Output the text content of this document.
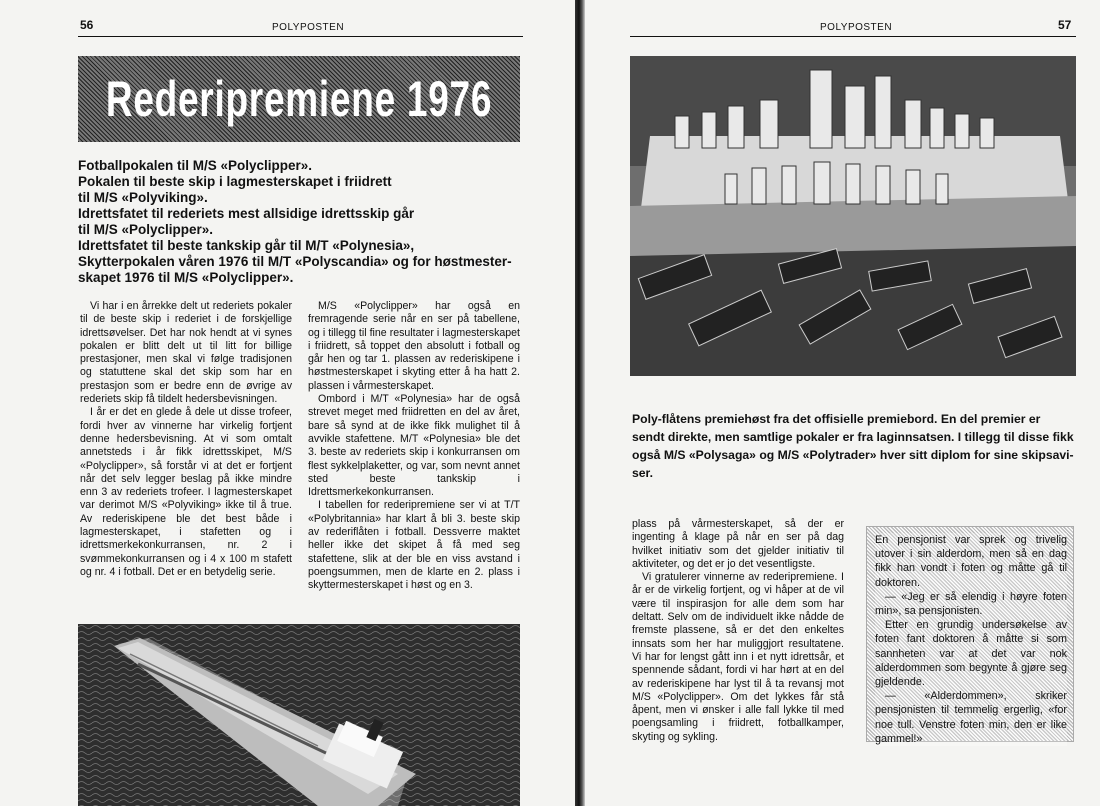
56	POLYPOSTEN
Rederipremiene 1976
Fotballpokalen til M/S «Polyclipper».
Pokalen til beste skip i lagmesterskapet i friidrett
til M/S «Polyviking».
Idrettsfatet til rederiets mest allsidige idrettsskip går
til M/S «Polyclipper».
Idrettsfatet til beste tankskip går til M/T «Polynesia»,
Skytterpokalen våren 1976 til M/T «Polyscandia» og for høstmester-
skapet 1976 til M/S «Polyclipper».

Vi har i en årrekke delt ut rederiets pokaler til de beste skip i rederiet i de forskjellige idrettsøvelser. Det har nok hendt at vi synes pokalen er blitt delt ut til litt for billige prestasjoner, men skal vi følge tradisjonen og statuttene skal det skip som har en prestasjon som er bedre enn de øvrige av rederiets skip få tildelt hedersbevisningen.

I år er det en glede å dele ut disse trofeer, fordi hver av vinnerne har virkelig fortjent denne hedersbevisning. At vi som omtalt annetsteds i år fikk idrettsskipet, M/S «Polyclipper», så forstår vi at det er fortjent når det selv legger beslag på ikke mindre enn 3 av rederiets trofeer. I lagmesterskapet var derimot M/S «Polyviking» ikke til å true. Av rederiskipene ble det best både i lagmesterskapet, i stafetten og i idrettsmerkekonkurransen, nr. 2 i svømmekonkurransen og i 4 x 100 m stafett og nr. 4 i fotball. Det er en betydelig serie.

M/S «Polyclipper» har også en fremragende serie når en ser på tabellene, og i tillegg til fine resultater i lagmesterskapet i friidrett, så toppet den absolutt i fotball og går hen og tar 1. plassen av rederiskipene i høstmesterskapet i skyting etter å ha hatt 2. plassen i vårmesterskapet.

Ombord i M/T «Polynesia» har de også strevet meget med friidretten en del av året, bare så synd at de ikke fikk mulighet til å avvikle stafettene. M/T «Polynesia» ble det 3. beste av rederiets skip i konkurransen om flest sykkelplaketter, og var, som nevnt annet sted beste tankskip i Idrettsmerkekonkurransen.

I tabellen for rederipremiene ser vi at T/T «Polybritannia» har klart å bli 3. beste skip av rederiflåten i fotball. Dessverre maktet heller ikke det skipet å få med seg stafettene, slik at der ble en viss avstand i poengsummen, men de klarte en 2. plass i skyttermesterskapet i høst og en 3.

POLYPOSTEN	57
Poly-flåtens premiehøst fra det offisielle premiebord. En del premier er
sendt direkte, men samtlige pokaler er fra laginnsatsen. I tillegg til disse fikk
også M/S «Polysaga» og M/S «Polytrader» hver sitt diplom for sine skipsavi-
ser.

plass på vårmesterskapet, så der er ingenting å klage på når en ser på dag hvilket initiativ som det gjelder initiativ til aktiviteter, og det er jo det vesentligste.

Vi gratulerer vinnerne av rederipremiene. I år er de virkelig fortjent, og vi håper at de vil være til inspirasjon for alle dem som har deltatt. Selv om de individuelt ikke nådde de fremste plassene, så er det den enkeltes innsats som her har muliggjort resultatene. Vi har for lengst gått inn i et nytt idrettsår, et spennende sådant, fordi vi har hørt at en del av rederiskipene har lyst til å ta revansj mot M/S «Polyclipper». Om det lykkes får stå åpent, men vi ønsker i alle fall lykke til med poengsamling i friidrett, fotballkamper, skyting og sykling.

En pensjonist var sprek og trivelig utover i sin alderdom, men så en dag fikk han vondt i foten og måtte gå til doktoren.

— «Jeg er så elendig i høyre foten min», sa pensjonisten.

Etter en grundig undersøkelse av foten fant doktoren å måtte si som sannheten var at det var nok alderdommen som begynte å gjøre seg gjeldende.

— «Alderdommen», skriker pensjonisten til temmelig ergerlig, «for noe tull. Venstre foten min, den er like gammel!»
